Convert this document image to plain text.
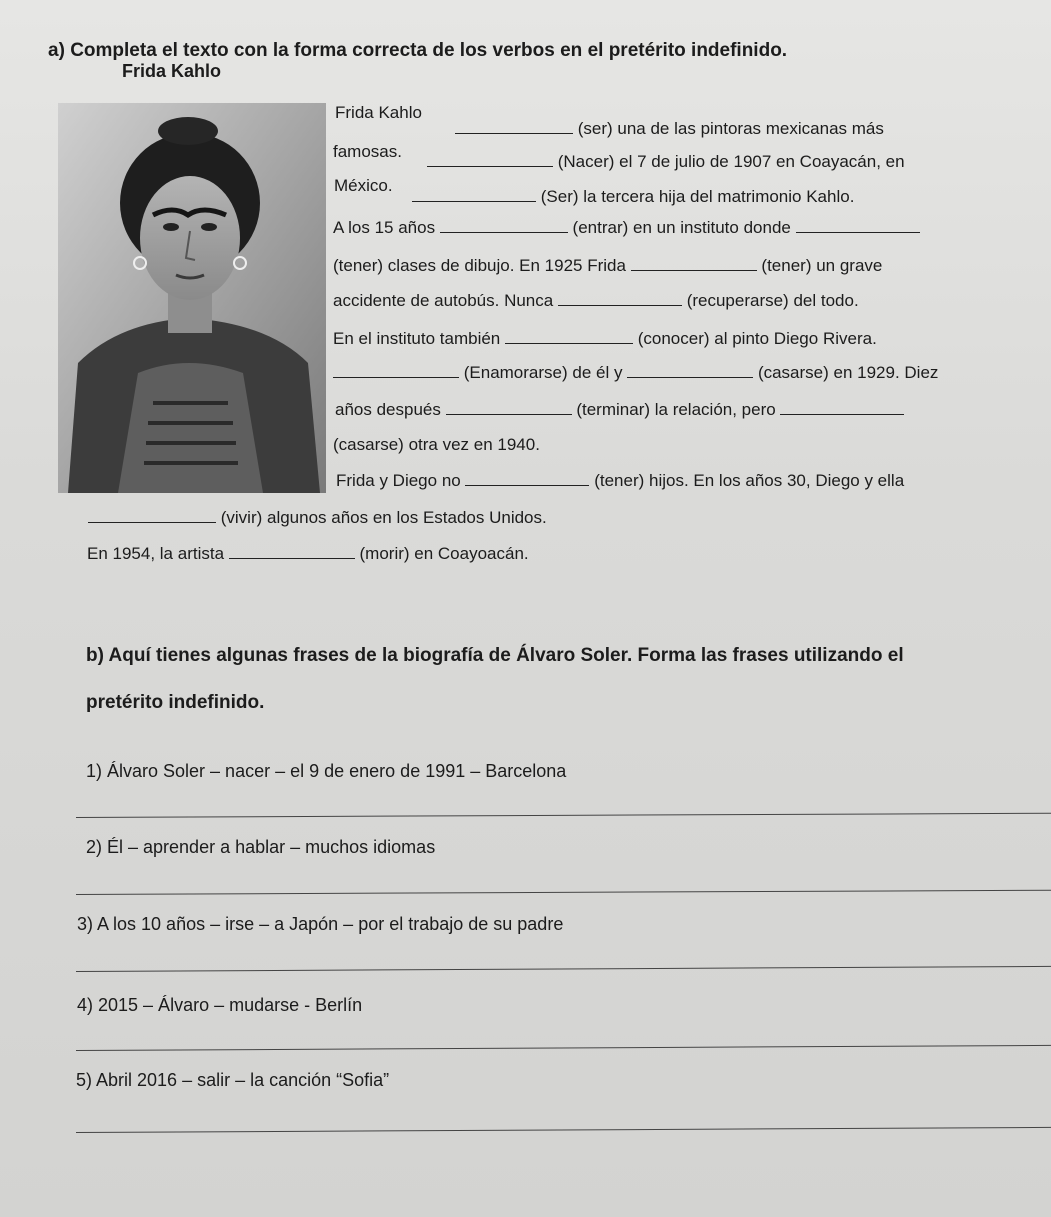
a) Completa el texto con la forma correcta de los verbos en el pretérito indefinido.
Frida Kahlo
Frida Kahlo
(ser) una de las pintoras mexicanas más
famosas.
(Nacer) el 7 de julio de 1907 en Coayacán, en
México.
(Ser) la tercera hija del matrimonio Kahlo.
A los 15 años	(entrar) en un instituto donde
(tener) clases de dibujo. En 1925 Frida	(tener) un grave
accidente de autobús. Nunca	(recuperarse) del todo.
En el instituto también	(conocer) al pinto Diego Rivera.
(Enamorarse) de él y	(casarse) en 1929. Diez
años después	(terminar) la relación, pero
(casarse) otra vez en 1940.
Frida y Diego no	(tener) hijos. En los años 30, Diego y ella
(vivir) algunos años en los Estados Unidos.
En 1954, la artista	(morir) en Coayoacán.
b) Aquí tienes algunas frases de la biografía de Álvaro Soler. Forma las frases utilizando el
pretérito indefinido.
1) Álvaro Soler – nacer – el 9 de enero de 1991 – Barcelona
2) Él – aprender a hablar – muchos idiomas
3) A los 10 años – irse – a Japón – por el trabajo de su padre
4) 2015 – Álvaro – mudarse - Berlín
5) Abril 2016 – salir – la canción “Sofia”
